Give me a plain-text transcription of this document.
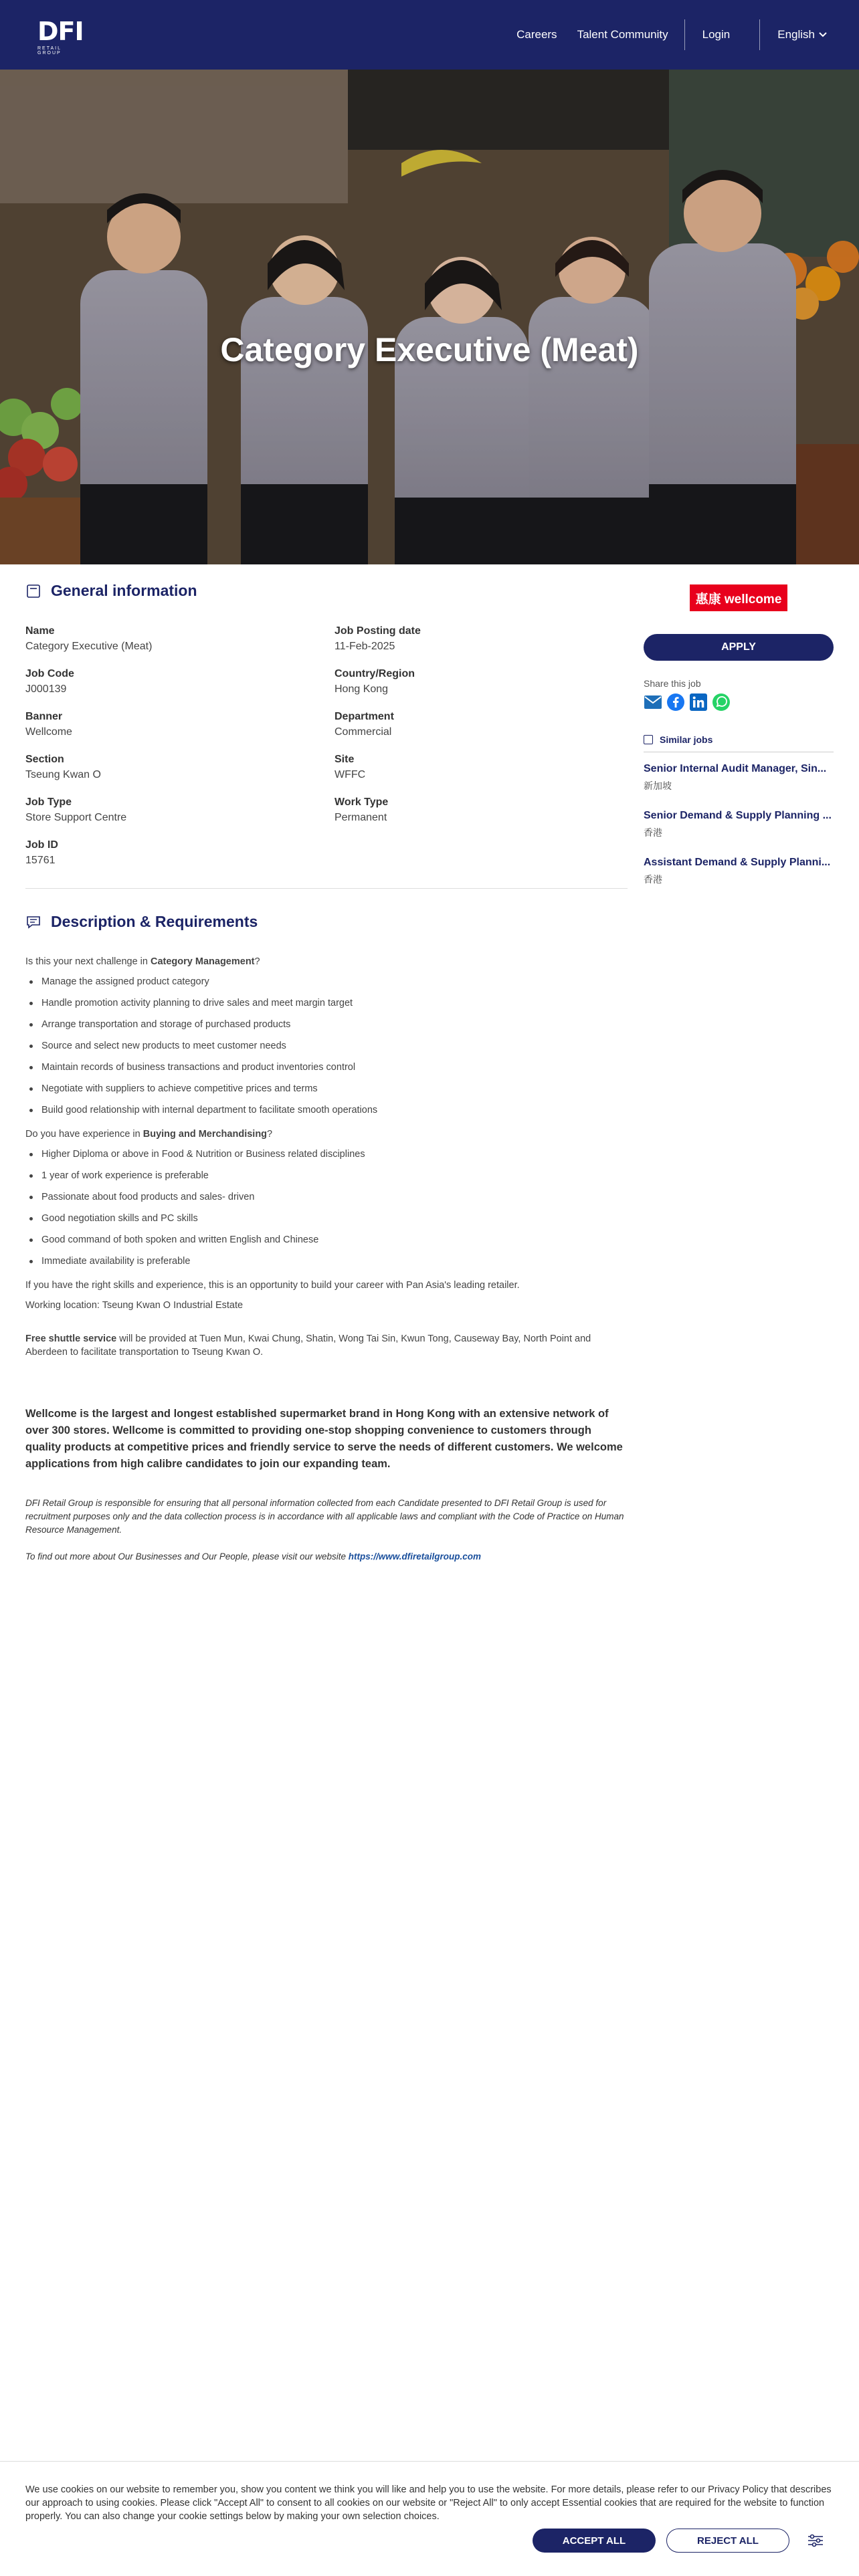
DFI
RETAIL GROUP
Careers Talent Community	Login	English
Category Executive (Meat)
General information
Name
Category Executive (Meat)
Job Posting date
11-Feb-2025
Job Code
J000139
Country/Region
Hong Kong
Banner
Wellcome
Department
Commercial
Section
Tseung Kwan O
Site
WFFC
Job Type
Store Support Centre
Work Type
Permanent
Job ID
15761
Description & Requirements

Is this your next challenge in Category Management?

Manage the assigned product category
Handle promotion activity planning to drive sales and meet margin target
Arrange transportation and storage of purchased products
Source and select new products to meet customer needs
Maintain records of business transactions and product inventories control
Negotiate with suppliers to achieve competitive prices and terms
Build good relationship with internal department to facilitate smooth operations

Do you have experience in Buying and Merchandising?

Higher Diploma or above in Food & Nutrition or Business related disciplines
1 year of work experience is preferable
Passionate about food products and sales- driven
Good negotiation skills and PC skills
Good command of both spoken and written English and Chinese
Immediate availability is preferable

If you have the right skills and experience, this is an opportunity to build your career with Pan Asia's leading retailer.

Working location: Tseung Kwan O Industrial Estate

Free shuttle service will be provided at Tuen Mun, Kwai Chung, Shatin, Wong Tai Sin, Kwun Tong, Causeway Bay, North Point and Aberdeen to facilitate transportation to Tseung Kwan O.

Wellcome is the largest and longest established supermarket brand in Hong Kong with an extensive network of over 300 stores. Wellcome is committed to providing one-stop shopping convenience to customers through quality products at competitive prices and friendly service to serve the needs of different customers. We welcome applications from high calibre candidates to join our expanding team.

DFI Retail Group is responsible for ensuring that all personal information collected from each Candidate presented to DFI Retail Group is used for recruitment purposes only and the data collection process is in accordance with all applicable laws and compliant with the Code of Practice on Human Resource Management.

To find out more about Our Businesses and Our People, please visit our website https://www.dfiretailgroup.com

惠康 wellcome
APPLY
Share this job
Similar jobs
Senior Internal Audit Manager, Sin...
新加坡
Senior Demand & Supply Planning ...
香港
Assistant Demand & Supply Planni...
香港
We use cookies on our website to remember you, show you content we think you will like and help you to use the website. For more details, please refer to our Privacy Policy that describes our approach to using cookies. Please click "Accept All" to consent to all cookies on our website or "Reject All" to only accept Essential cookies that are required for the website to function properly. You can also change your cookie settings below by making your own selection choices.
ACCEPT ALL	REJECT ALL
